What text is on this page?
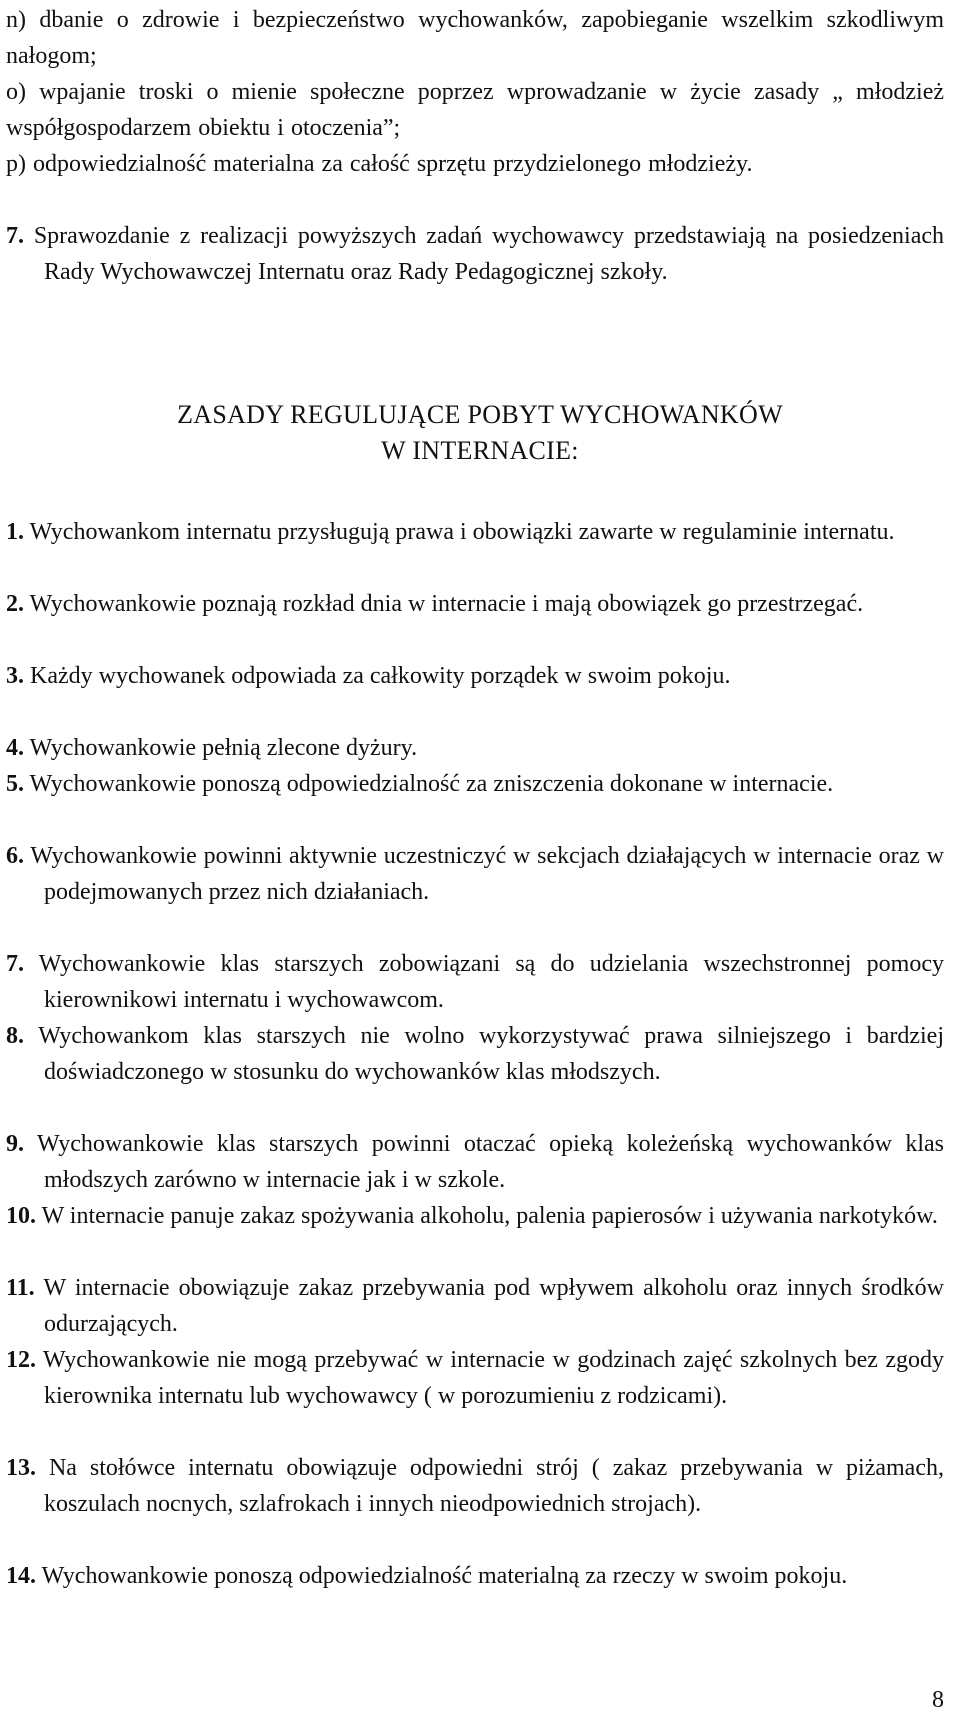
n) dbanie o zdrowie i bezpieczeństwo wychowanków, zapobieganie wszelkim szkodliwym nałogom;

o) wpajanie troski o mienie społeczne poprzez wprowadzanie w życie zasady „ młodzież współgospodarzem obiektu i otoczenia”;

p) odpowiedzialność materialna za całość sprzętu przydzielonego młodzieży.

7. Sprawozdanie z realizacji powyższych zadań wychowawcy przedstawiają na posiedzeniach Rady Wychowawczej Internatu oraz Rady Pedagogicznej szkoły.

ZASADY REGULUJĄCE POBYT WYCHOWANKÓW
W INTERNACIE:

1. Wychowankom internatu przysługują prawa i obowiązki zawarte w regulaminie internatu.

2. Wychowankowie poznają rozkład dnia w internacie i mają obowiązek go przestrzegać.

3. Każdy wychowanek odpowiada za całkowity porządek w swoim pokoju.

4. Wychowankowie pełnią zlecone dyżury.

5. Wychowankowie ponoszą odpowiedzialność za zniszczenia dokonane w internacie.

6. Wychowankowie powinni aktywnie uczestniczyć w sekcjach działających w internacie oraz w podejmowanych przez nich działaniach.

7. Wychowankowie klas starszych zobowiązani są do udzielania wszechstronnej pomocy kierownikowi internatu i wychowawcom.

8. Wychowankom klas starszych nie wolno wykorzystywać prawa silniejszego i bardziej doświadczonego w stosunku do wychowanków klas młodszych.

9. Wychowankowie klas starszych powinni otaczać opieką koleżeńską wychowanków klas młodszych zarówno w internacie jak i w szkole.

10. W internacie panuje zakaz spożywania alkoholu, palenia papierosów i używania narkotyków.

11. W internacie obowiązuje zakaz przebywania pod wpływem alkoholu oraz innych środków odurzających.

12. Wychowankowie nie mogą przebywać w internacie w godzinach zajęć szkolnych bez zgody kierownika internatu lub wychowawcy ( w porozumieniu z rodzicami).

13. Na stołówce internatu obowiązuje odpowiedni strój ( zakaz przebywania w piżamach, koszulach nocnych, szlafrokach i innych nieodpowiednich strojach).

14. Wychowankowie ponoszą odpowiedzialność materialną za rzeczy w swoim pokoju.

8
